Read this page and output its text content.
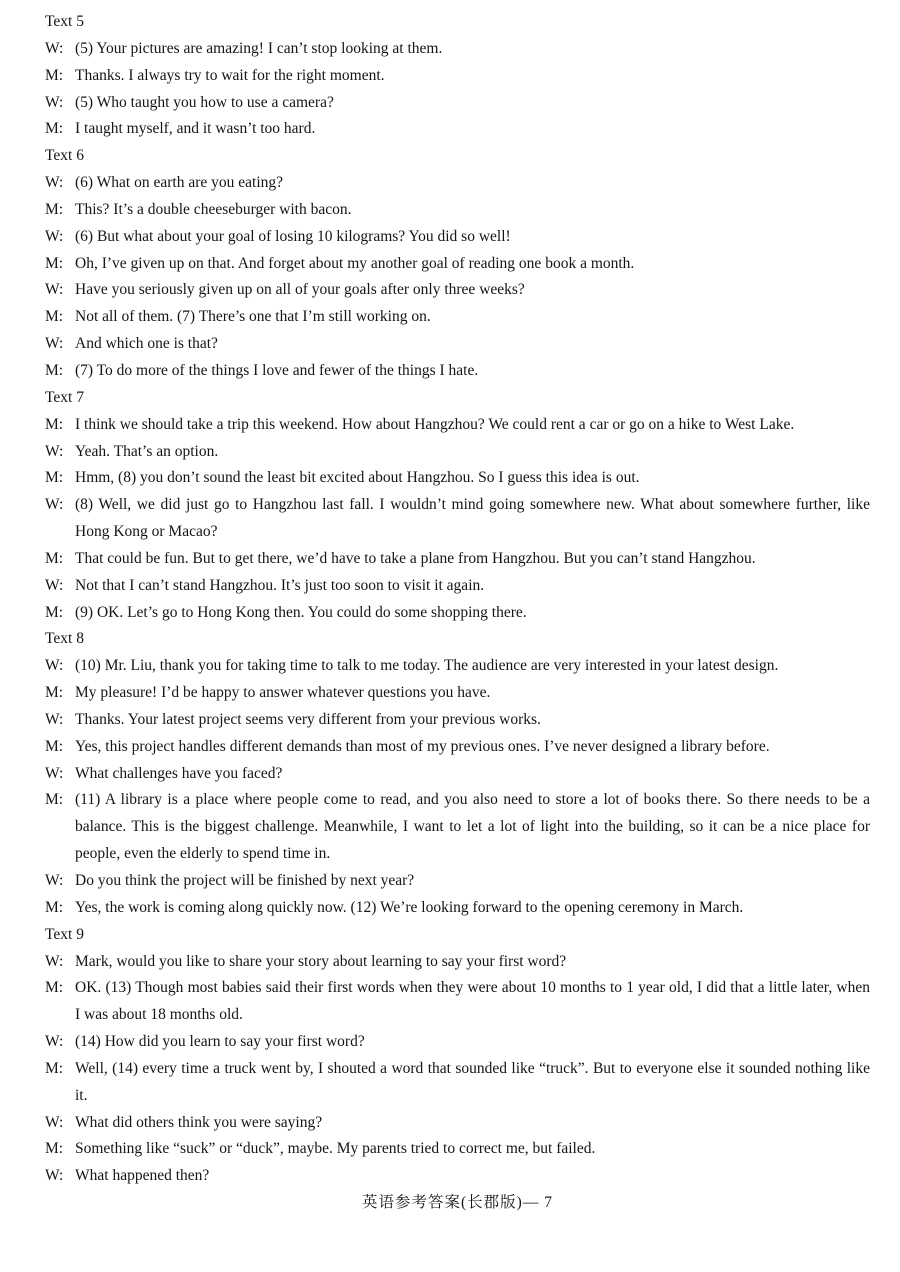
Text 5

W: (5) Your pictures are amazing! I can’t stop looking at them.

M: Thanks. I always try to wait for the right moment.

W: (5) Who taught you how to use a camera?

M: I taught myself, and it wasn’t too hard.

Text 6

W: (6) What on earth are you eating?

M: This? It’s a double cheeseburger with bacon.

W: (6) But what about your goal of losing 10 kilograms? You did so well!

M: Oh, I’ve given up on that. And forget about my another goal of reading one book a month.

W: Have you seriously given up on all of your goals after only three weeks?

M: Not all of them. (7) There’s one that I’m still working on.

W: And which one is that?

M: (7) To do more of the things I love and fewer of the things I hate.

Text 7

M: I think we should take a trip this weekend. How about Hangzhou? We could rent a car or go on a hike to West Lake.

W: Yeah. That’s an option.

M: Hmm, (8) you don’t sound the least bit excited about Hangzhou. So I guess this idea is out.

W: (8) Well, we did just go to Hangzhou last fall. I wouldn’t mind going somewhere new. What about somewhere further, like Hong Kong or Macao?

M: That could be fun. But to get there, we’d have to take a plane from Hangzhou. But you can’t stand Hangzhou.

W: Not that I can’t stand Hangzhou. It’s just too soon to visit it again.

M: (9) OK. Let’s go to Hong Kong then. You could do some shopping there.

Text 8

W: (10) Mr. Liu, thank you for taking time to talk to me today. The audience are very interested in your latest design.

M: My pleasure! I’d be happy to answer whatever questions you have.

W: Thanks. Your latest project seems very different from your previous works.

M: Yes, this project handles different demands than most of my previous ones. I’ve never designed a library before.

W: What challenges have you faced?

M: (11) A library is a place where people come to read, and you also need to store a lot of books there. So there needs to be a balance. This is the biggest challenge. Meanwhile, I want to let a lot of light into the building, so it can be a nice place for people, even the elderly to spend time in.

W: Do you think the project will be finished by next year?

M: Yes, the work is coming along quickly now. (12) We’re looking forward to the opening ceremony in March.

Text 9

W: Mark, would you like to share your story about learning to say your first word?

M: OK. (13) Though most babies said their first words when they were about 10 months to 1 year old, I did that a little later, when I was about 18 months old.

W: (14) How did you learn to say your first word?

M: Well, (14) every time a truck went by, I shouted a word that sounded like “truck”. But to everyone else it sounded nothing like it.

W: What did others think you were saying?

M: Something like “suck” or “duck”, maybe. My parents tried to correct me, but failed.

W: What happened then?

英语参考答案(长郡版)— 7
